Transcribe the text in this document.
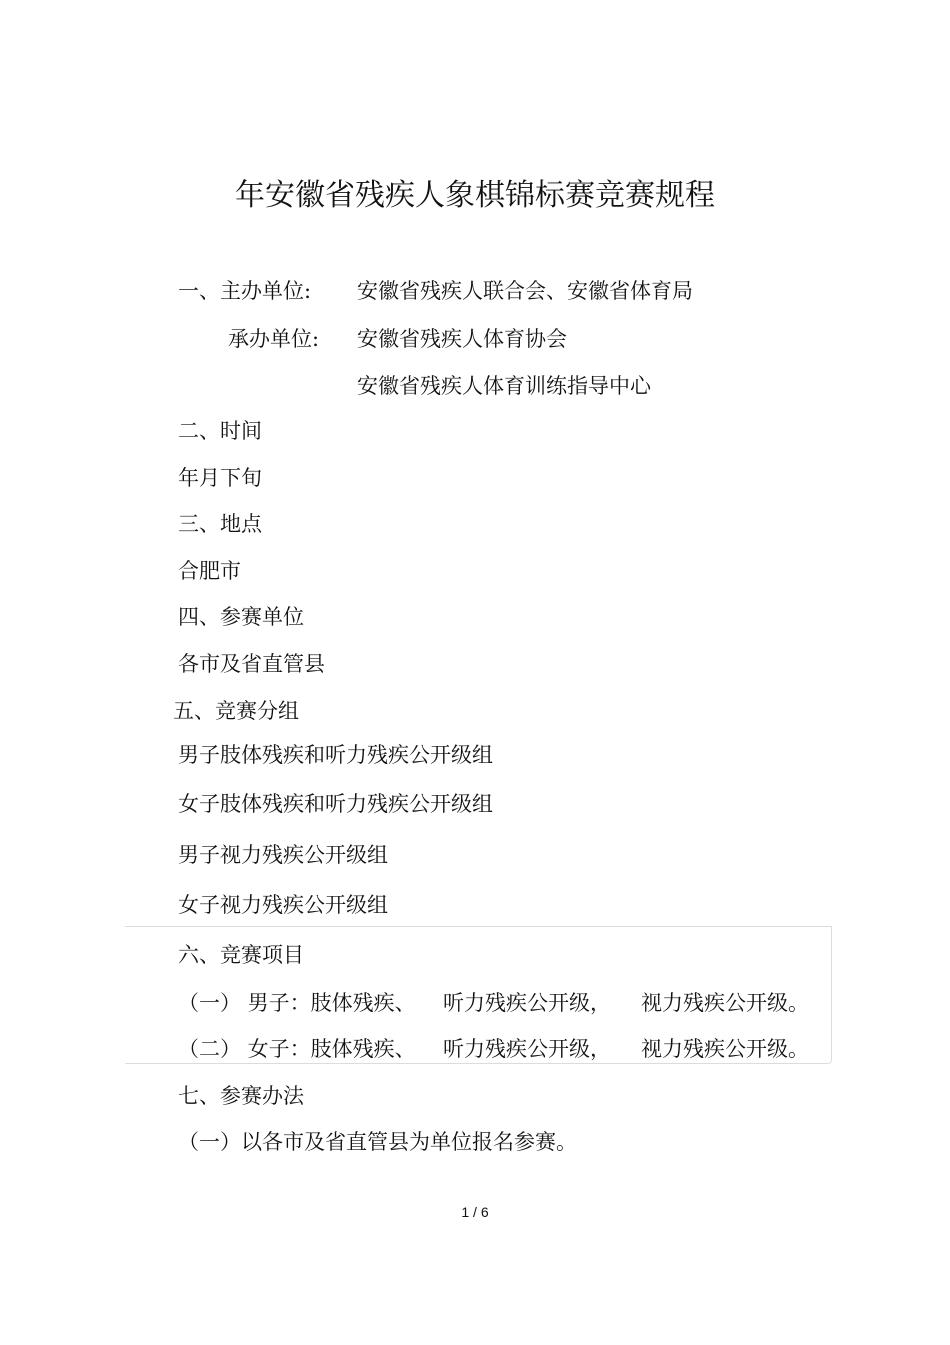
年安徽省残疾人象棋锦标赛竞赛规程
一、主办单位: 安徽省残疾人联合会、安徽省体育局
承办单位: 安徽省残疾人体育协会
安徽省残疾人体育训练指导中心
二、时间
年月下旬
三、地点
合肥市
四、参赛单位
各市及省直管县
五、竞赛分组
男子肢体残疾和听力残疾公开级组
女子肢体残疾和听力残疾公开级组
男子视力残疾公开级组
女子视力残疾公开级组
六、竞赛项目
（一） 男子：肢体残疾、 听力残疾公开级， 视力残疾公开级。
（二） 女子：肢体残疾、 听力残疾公开级， 视力残疾公开级。
七、参赛办法
（一）以各市及省直管县为单位报名参赛。
1 / 6
